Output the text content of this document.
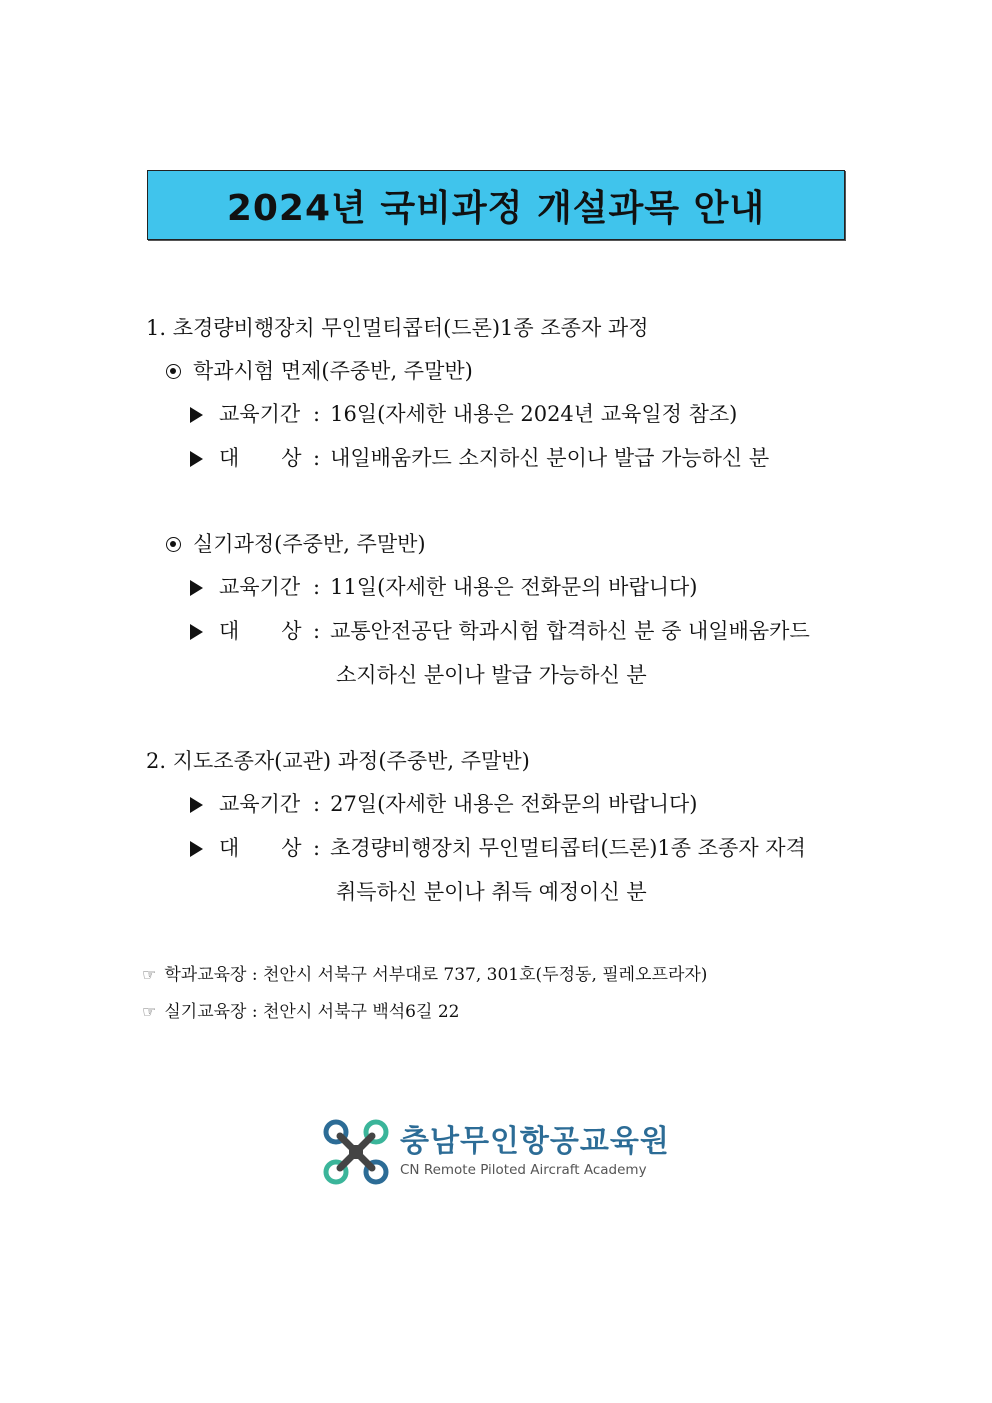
2024년 국비과정 개설과목 안내
1. 초경량비행장치 무인멀티콥터(드론)1종 조종자 과정
학과시험 면제(주중반, 주말반)
교육기간 : 16일(자세한 내용은 2024년 교육일정 참조)
대 상 : 내일배움카드 소지하신 분이나 발급 가능하신 분
실기과정(주중반, 주말반)
교육기간 : 11일(자세한 내용은 전화문의 바랍니다)
대 상 : 교통안전공단 학과시험 합격하신 분 중 내일배움카드
소지하신 분이나 발급 가능하신 분
2. 지도조종자(교관) 과정(주중반, 주말반)
교육기간 : 27일(자세한 내용은 전화문의 바랍니다)
대 상 : 초경량비행장치 무인멀티콥터(드론)1종 조종자 자격
취득하신 분이나 취득 예정이신 분
☞ 학과교육장 : 천안시 서북구 서부대로 737, 301호(두정동, 필레오프라자)
☞ 실기교육장 : 천안시 서북구 백석6길 22
충남무인항공교육원
CN Remote Piloted Aircraft Academy
